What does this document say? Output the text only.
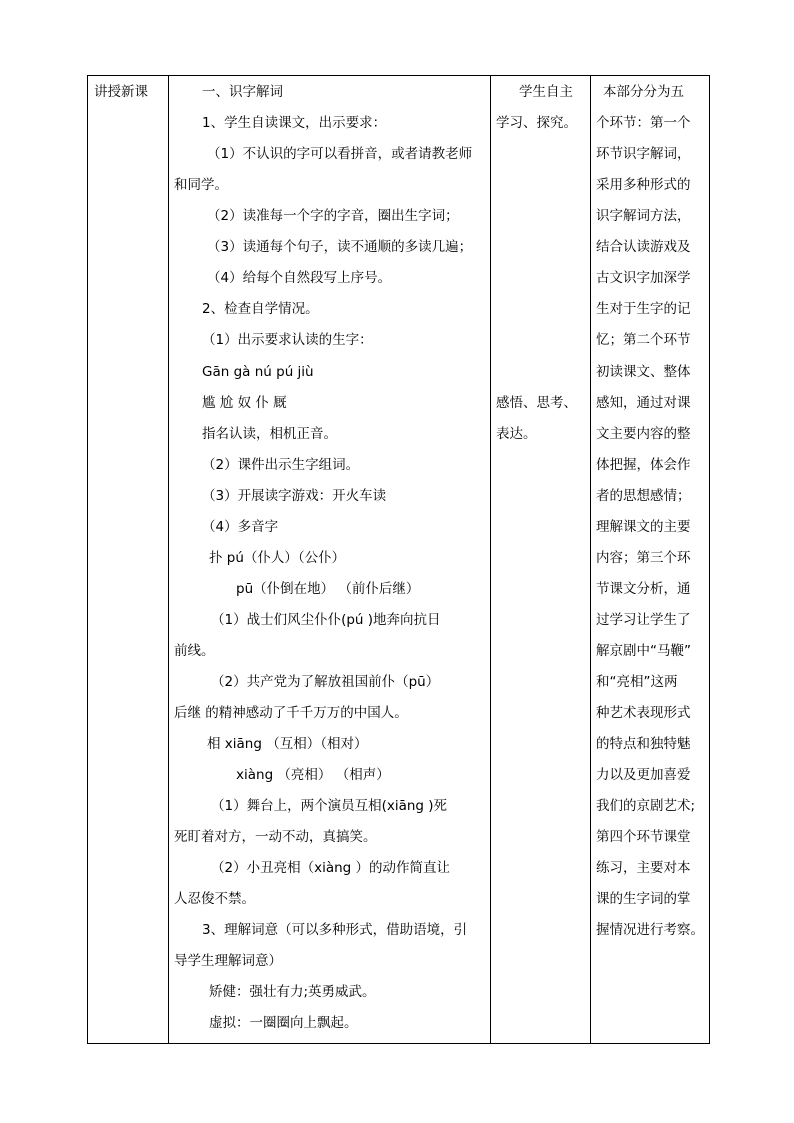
讲授新课	一、识字解词
1、学生自读课文，出示要求：
（1）不认识的字可以看拼音，或者请教老师
和同学。
（2）读准每一个字的字音，圈出生字词；
（3）读通每个句子，读不通顺的多读几遍；
（4）给每个自然段写上序号。
2、检查自学情况。
（1）出示要求认读的生字：
Gān gà nú pú jiù
尴 尬 奴 仆 厩
指名认读，相机正音。
（2）课件出示生字组词。
（3）开展读字游戏：开火车读
（4）多音字
扑 pú（仆人）（公仆）
pū（仆倒在地） （前仆后继）
（1）战士们风尘仆仆(pú )地奔向抗日
前线。
（2）共产党为了解放祖国前仆（pū）
后继 的精神感动了千千万万的中国人。
相 xiāng （互相）（相对）
xiàng （亮相） （相声）
（1）舞台上，两个演员互相(xiāng )死
死盯着对方，一动不动，真搞笑。
（2）小丑亮相（xiàng ）的动作简直让
人忍俊不禁。
3、理解词意（可以多种形式，借助语境，引
导学生理解词意）
矫健：强壮有力;英勇威武。
虚拟：一圈圈向上飘起。

学生自主
学习、探究。
感悟、思考、
表达。

本部分分为五
个环节：第一个
环节识字解词，
采用多种形式的
识字解词方法，
结合认读游戏及
古文识字加深学
生对于生字的记
忆；第二个环节
初读课文、整体
感知，通过对课
文主要内容的整
体把握，体会作
者的思想感情；
理解课文的主要
内容；第三个环
节课文分析，通
过学习让学生了
解京剧中“马鞭”
和“亮相”这两
种艺术表现形式
的特点和独特魅
力以及更加喜爱
我们的京剧艺术;
第四个环节课堂
练习，主要对本
课的生字词的掌
握情况进行考察。
